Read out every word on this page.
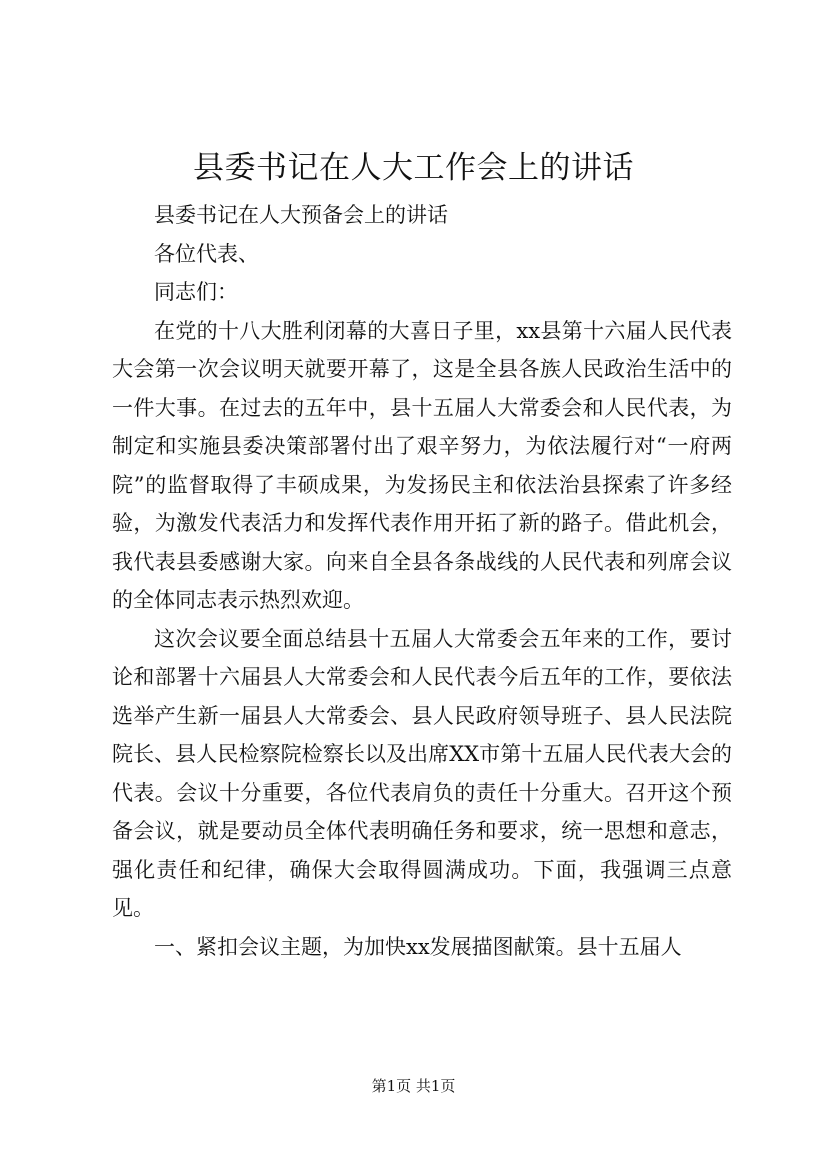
县委书记在人大工作会上的讲话

县委书记在人大预备会上的讲话

各位代表、

同志们：

在党的十八大胜利闭幕的大喜日子里，xx县第十六届人民代表大会第一次会议明天就要开幕了，这是全县各族人民政治生活中的一件大事。在过去的五年中，县十五届人大常委会和人民代表，为制定和实施县委决策部署付出了艰辛努力，为依法履行对“一府两院”的监督取得了丰硕成果，为发扬民主和依法治县探索了许多经验，为激发代表活力和发挥代表作用开拓了新的路子。借此机会，我代表县委感谢大家。向来自全县各条战线的人民代表和列席会议的全体同志表示热烈欢迎。

这次会议要全面总结县十五届人大常委会五年来的工作，要讨论和部署十六届县人大常委会和人民代表今后五年的工作，要依法选举产生新一届县人大常委会、县人民政府领导班子、县人民法院院长、县人民检察院检察长以及出席XX市第十五届人民代表大会的代表。会议十分重要，各位代表肩负的责任十分重大。召开这个预备会议，就是要动员全体代表明确任务和要求，统一思想和意志，强化责任和纪律，确保大会取得圆满成功。下面，我强调三点意见。

一、紧扣会议主题，为加快xx发展描图献策。县十五届人

第1页 共1页
